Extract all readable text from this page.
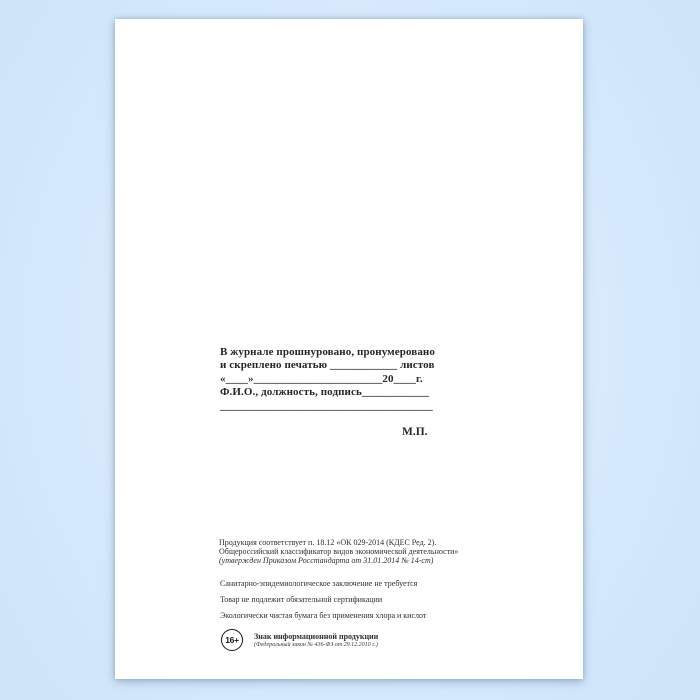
В журнале прошнуровано, пронумеровано
и скреплено печатью ____________ листов
«____»_______________________20____г.
Ф.И.О., должность, подпись____________
______________________________________
М.П.
Продукция соответствует п. 18.12 «ОК 029-2014 (КДЕС Ред. 2).
Общероссийский классификатор видов экономической деятельности»
(утвержден Приказом Росстандарта от 31.01.2014 № 14-ст)
Санитарно-эпидемиологическое заключение не требуется
Товар не подлежит обязательной сертификации
Экологически чистая бумага без применения хлора и кислот
16+	Знак информационной продукции
(Федеральный закон № 436-ФЗ от 29.12.2010 г.)
